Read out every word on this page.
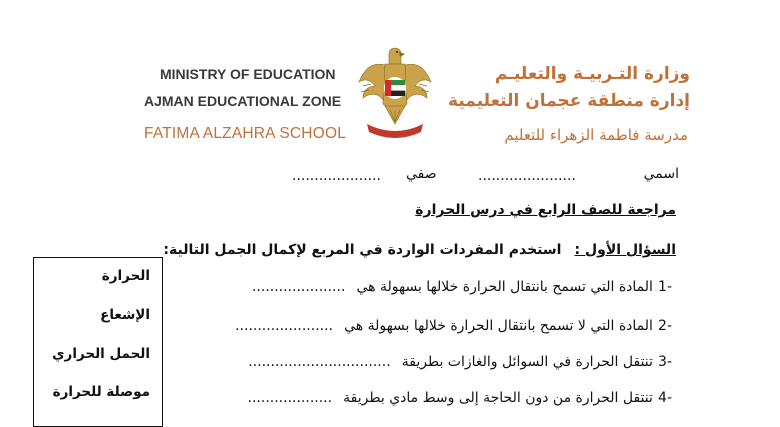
MINISTRY OF EDUCATION
AJMAN EDUCATIONAL ZONE
FATIMA ALZAHRA SCHOOL	الإمارات العربية المتحدة
وزارة التـربيـة والتعليـم
إدارة منطقة عجمان التعليمية
مدرسة فاطمة الزهراء للتعليم
اسمي
......................
صفي
....................
مراجعة للصف الرابع في درس الحرارة
السؤال الأول : استخدم المفردات الواردة في المربع لإكمال الجمل التالية:
-1 المادة التي تسمح بانتقال الحرارة خلالها بسهولة هي .....................
-2 المادة التي لا تسمح بانتقال الحرارة خلالها بسهولة هي ......................
-3 تنتقل الحرارة في السوائل والغازات بطريقة ................................
-4 تنتقل الحرارة من دون الحاجة إلى وسط مادي بطريقة ...................
الحرارة
الإشعاع
الحمل الحراري
موصلة للحرارة
